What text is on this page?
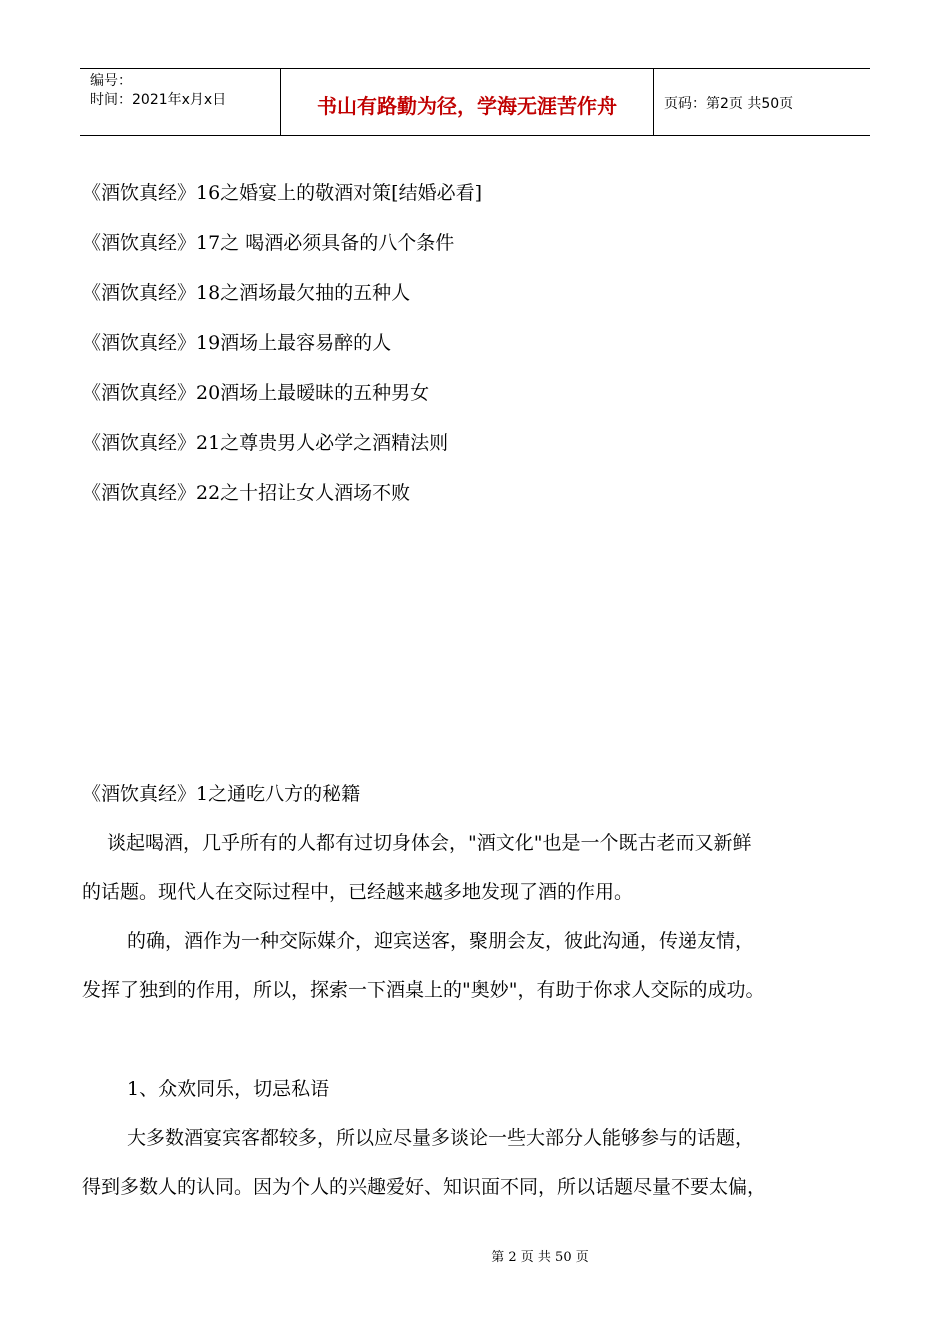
编号：
时间：2021年x月x日	书山有路勤为径，学海无涯苦作舟	页码：第2页 共50页
《酒饮真经》16之婚宴上的敬酒对策[结婚必看]
《酒饮真经》17之 喝酒必须具备的八个条件
《酒饮真经》18之酒场最欠抽的五种人
《酒饮真经》19酒场上最容易醉的人
《酒饮真经》20酒场上最暧昧的五种男女
《酒饮真经》21之尊贵男人必学之酒精法则
《酒饮真经》22之十招让女人酒场不败

《酒饮真经》1之通吃八方的秘籍

谈起喝酒，几乎所有的人都有过切身体会，"酒文化"也是一个既古老而又新鲜

的话题。现代人在交际过程中，已经越来越多地发现了酒的作用。

的确，酒作为一种交际媒介，迎宾送客，聚朋会友，彼此沟通，传递友情，

发挥了独到的作用，所以，探索一下酒桌上的"奥妙"，有助于你求人交际的成功。

1、众欢同乐，切忌私语

大多数酒宴宾客都较多，所以应尽量多谈论一些大部分人能够参与的话题，

得到多数人的认同。因为个人的兴趣爱好、知识面不同，所以话题尽量不要太偏，

第 2 页 共 50 页
